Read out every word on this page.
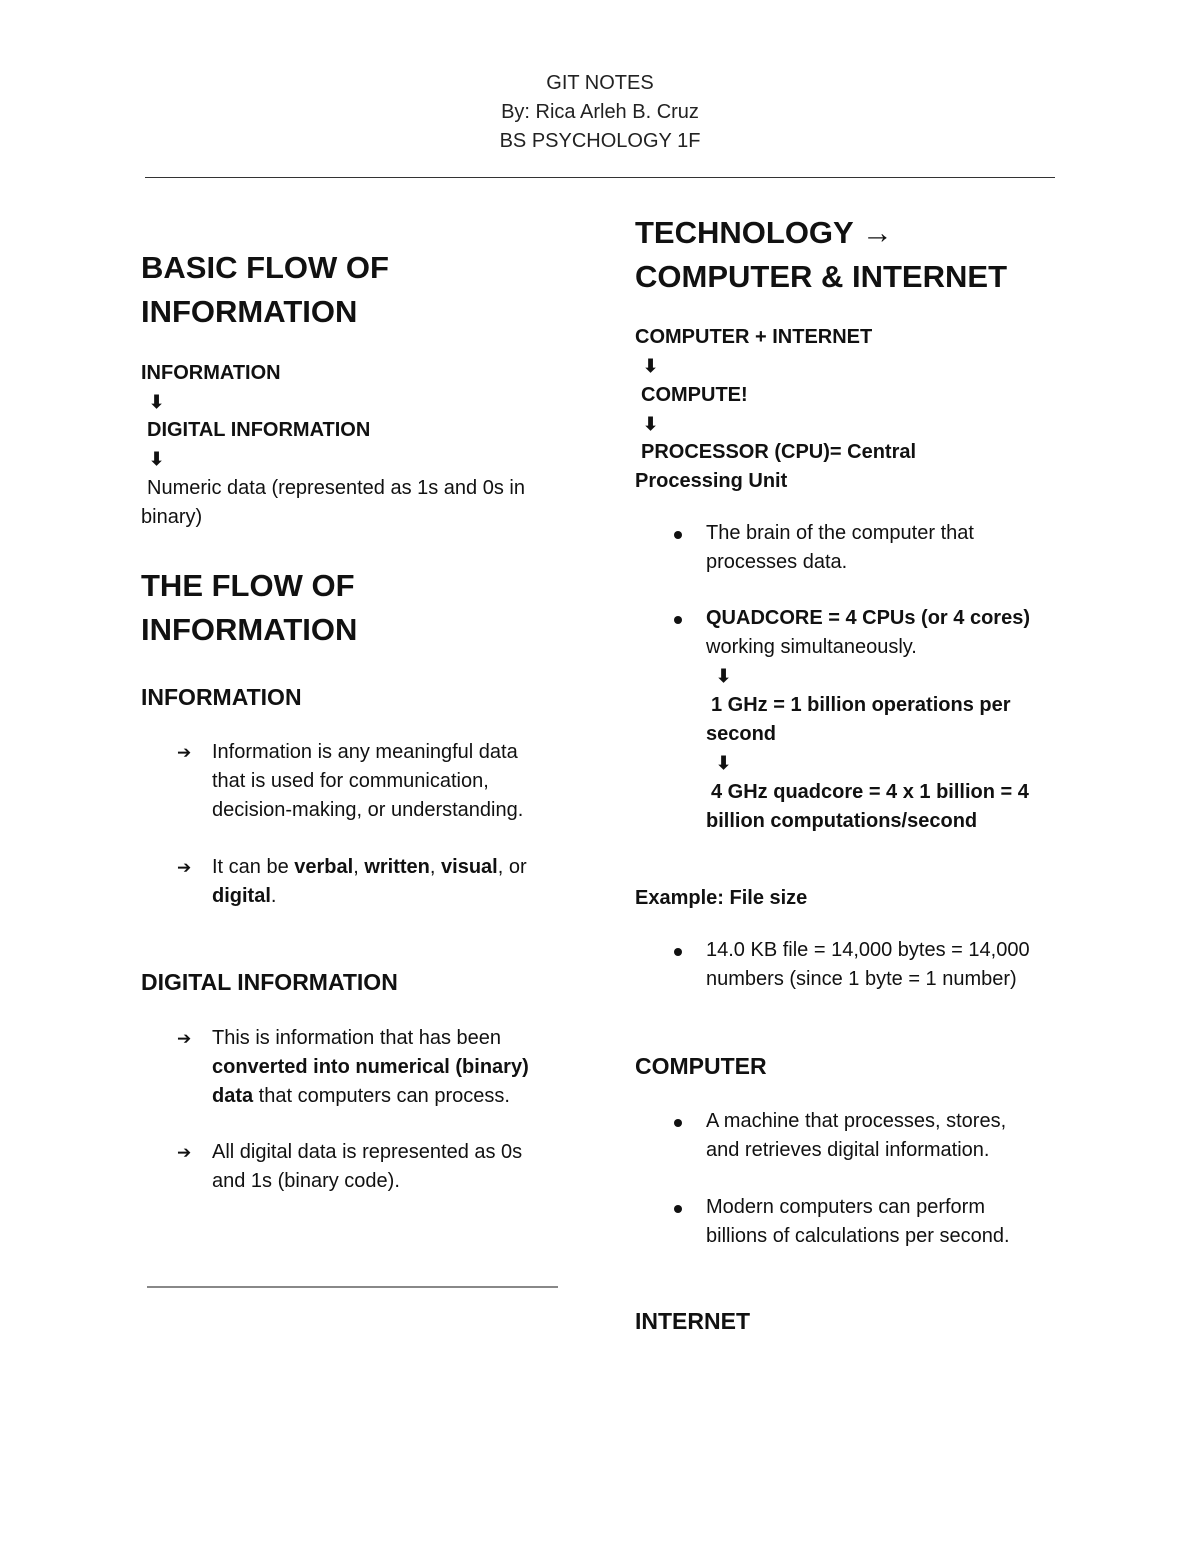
GIT NOTES
By: Rica Arleh B. Cruz
BS PSYCHOLOGY 1F
BASIC FLOW OF
INFORMATION
INFORMATION
⬇
DIGITAL INFORMATION
⬇
Numeric data (represented as 1s and 0s in
binary)
THE FLOW OF
INFORMATION
INFORMATION
➔ Information is any meaningful data
that is used for communication,
decision-making, or understanding.
➔ It can be verbal, written, visual, or
digital.
DIGITAL INFORMATION
➔ This is information that has been
converted into numerical (binary)
data that computers can process.
➔ All digital data is represented as 0s
and 1s (binary code).
TECHNOLOGY →
COMPUTER & INTERNET
COMPUTER + INTERNET
⬇
COMPUTE!
⬇
PROCESSOR (CPU)= Central
Processing Unit
The brain of the computer that
processes data.
QUADCORE = 4 CPUs (or 4 cores)
working simultaneously.
⬇
1 GHz = 1 billion operations per
second
⬇
4 GHz quadcore = 4 x 1 billion = 4
billion computations/second
Example: File size
14.0 KB file = 14,000 bytes = 14,000
numbers (since 1 byte = 1 number)
COMPUTER
A machine that processes, stores,
and retrieves digital information.
Modern computers can perform
billions of calculations per second.
INTERNET
